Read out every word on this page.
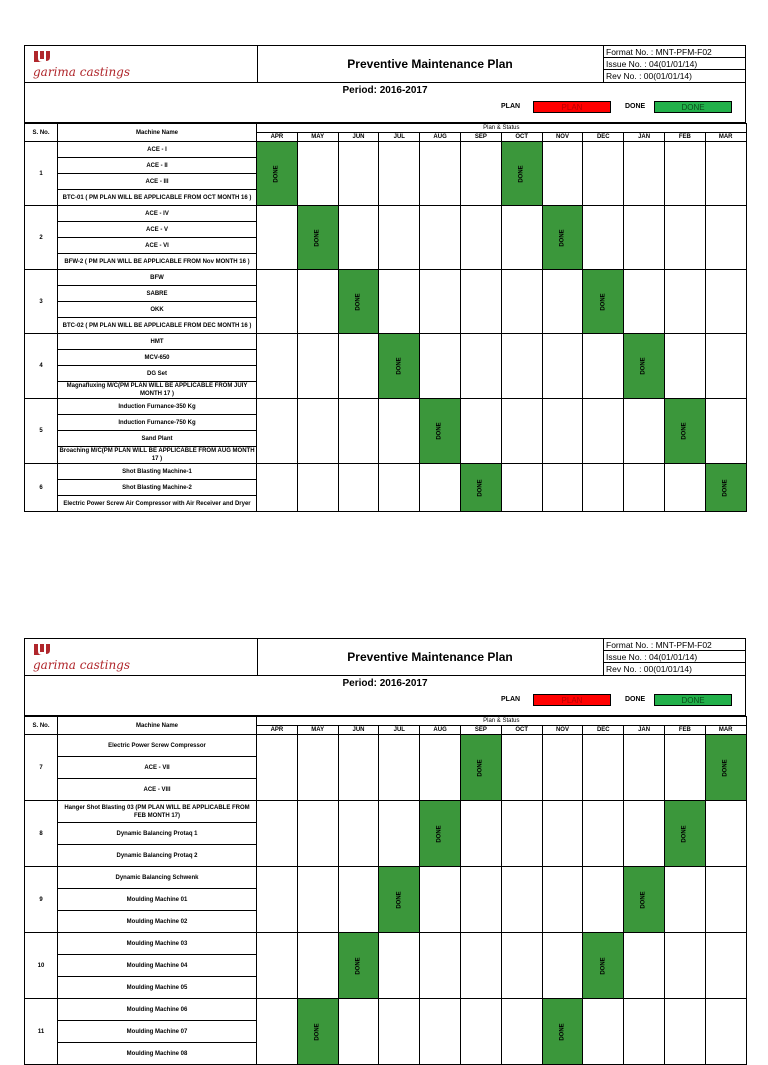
garima castings
Preventive Maintenance Plan
Format No. : MNT-PFM-F02
Issue No. : 04(01/01/14)
Rev No. : 00(01/01/14)
Period: 2016-2017
PLAN	PLAN	DONE	DONE
S. No.	Machine Name	Plan & Status											
		APR	MAY	JUN	JUL	AUG	SEP	OCT	NOV	DEC	JAN	FEB	MAR
1	ACE - I	DONE						DONE					
	ACE - II												
	ACE - III												
	BTC-01 ( PM PLAN WILL BE APPLICABLE FROM OCT MONTH 16 )												
2	ACE - IV		DONE						DONE				
	ACE - V												
	ACE - VI												
	BFW-2 ( PM PLAN WILL BE APPLICABLE FROM Nov MONTH 16 )												
3	BFW			DONE						DONE			
	SABRE												
	OKK												
	BTC-02 ( PM PLAN WILL BE APPLICABLE FROM DEC MONTH 16 )												
4	HMT				DONE						DONE		
	MCV-650												
	DG Set												
	Magnafluxing M/C(PM PLAN WILL BE APPLICABLE FROM JUIY MONTH 17 )												
5	Induction Furnance-350 Kg					DONE						DONE	
	Induction Furnance-750 Kg												
	Sand Plant												
	Broaching M/C(PM PLAN WILL BE APPLICABLE FROM AUG MONTH 17 )												
6	Shot Blasting Machine-1						DONE						DONE
	Shot Blasting Machine-2												
	Electric Power Screw Air Compressor with Air Receiver and Dryer												
garima castings
Preventive Maintenance Plan
Format No. : MNT-PFM-F02
Issue No. : 04(01/01/14)
Rev No. : 00(01/01/14)
Period: 2016-2017
PLAN	PLAN	DONE	DONE
S. No.	Machine Name	Plan & Status											
		APR	MAY	JUN	JUL	AUG	SEP	OCT	NOV	DEC	JAN	FEB	MAR
7	Electric Power Screw Compressor						DONE						DONE
	ACE - VII												
	ACE - VIII												
8	Hanger Shot Blasting 03 (PM PLAN WILL BE APPLICABLE FROM FEB MONTH 17)					DONE						DONE	
	Dynamic Balancing Protaq 1												
	Dynamic Balancing Protaq 2												
9	Dynamic Balancing Schwenk				DONE						DONE		
	Moulding Machine 01												
	Moulding Machine 02												
10	Moulding Machine 03			DONE						DONE			
	Moulding Machine 04												
	Moulding Machine 05												
11	Moulding Machine 06		DONE						DONE				
	Moulding Machine 07												
	Moulding Machine 08												
